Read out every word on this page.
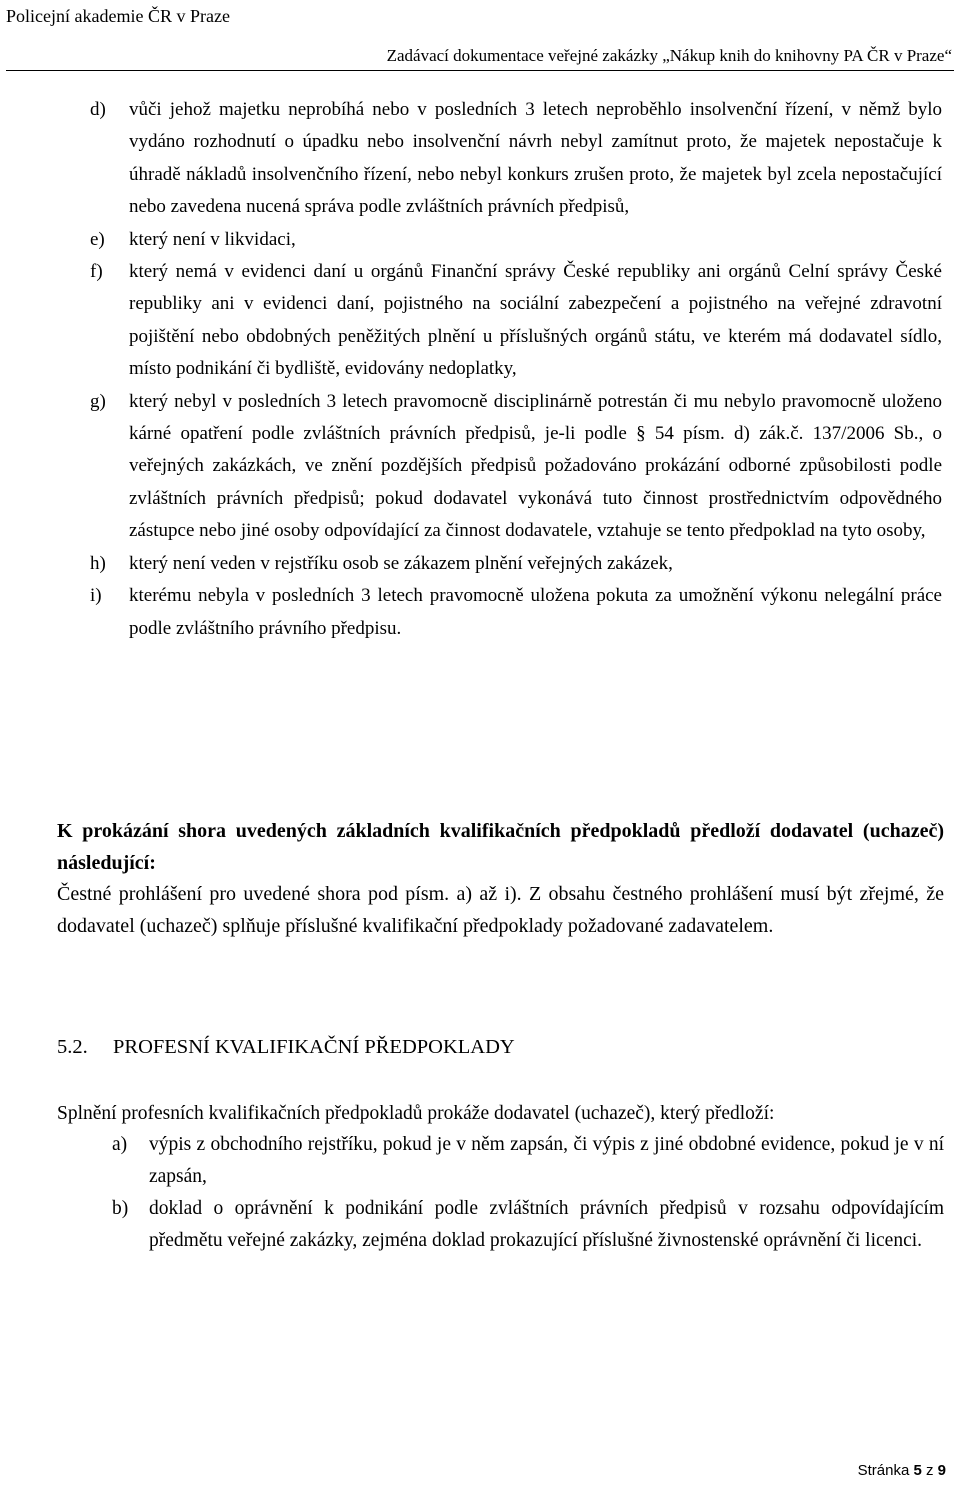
Policejní akademie ČR v Praze
Zadávací dokumentace veřejné zakázky „Nákup knih do knihovny PA ČR v Praze“
d)	vůči jehož majetku neprobíhá nebo v posledních 3 letech neproběhlo insolvenční řízení, v němž bylo vydáno rozhodnutí o úpadku nebo insolvenční návrh nebyl zamítnut proto, že majetek nepostačuje k úhradě nákladů insolvenčního řízení, nebo nebyl konkurs zrušen proto, že majetek byl zcela nepostačující nebo zavedena nucená správa podle zvláštních právních předpisů,
e)	který není v likvidaci,
f)	který nemá v evidenci daní u orgánů Finanční správy České republiky ani orgánů Celní správy České republiky ani v evidenci daní, pojistného na sociální zabezpečení a pojistného na veřejné zdravotní pojištění nebo obdobných peněžitých plnění u příslušných orgánů státu, ve kterém má dodavatel sídlo, místo podnikání či bydliště, evidovány nedoplatky,
g)	který nebyl v posledních 3 letech pravomocně disciplinárně potrestán či mu nebylo pravomocně uloženo kárné opatření podle zvláštních právních předpisů, je-li podle § 54 písm. d) zák.č. 137/2006 Sb., o veřejných zakázkách, ve znění pozdějších předpisů požadováno prokázání odborné způsobilosti podle zvláštních právních předpisů; pokud dodavatel vykonává tuto činnost prostřednictvím odpovědného zástupce nebo jiné osoby odpovídající za činnost dodavatele, vztahuje se tento předpoklad na tyto osoby,
h)	který není veden v rejstříku osob se zákazem plnění veřejných zakázek,
i)	kterému nebyla v posledních 3 letech pravomocně uložena pokuta za umožnění výkonu nelegální práce podle zvláštního právního předpisu.
K prokázání shora uvedených základních kvalifikačních předpokladů předloží dodavatel (uchazeč) následující:
Čestné prohlášení pro uvedené shora pod písm. a) až i). Z obsahu čestného prohlášení musí být zřejmé, že dodavatel (uchazeč) splňuje příslušné kvalifikační předpoklady požadované zadavatelem.
5.2.	PROFESNÍ KVALIFIKAČNÍ PŘEDPOKLADY
Splnění profesních kvalifikačních předpokladů prokáže dodavatel (uchazeč), který předloží:
a)	výpis z obchodního rejstříku, pokud je v něm zapsán, či výpis z jiné obdobné evidence, pokud je v ní zapsán,
b)	doklad o oprávnění k podnikání podle zvláštních právních předpisů v rozsahu odpovídajícím předmětu veřejné zakázky, zejména doklad prokazující příslušné živnostenské oprávnění či licenci.
Stránka 5 z 9
